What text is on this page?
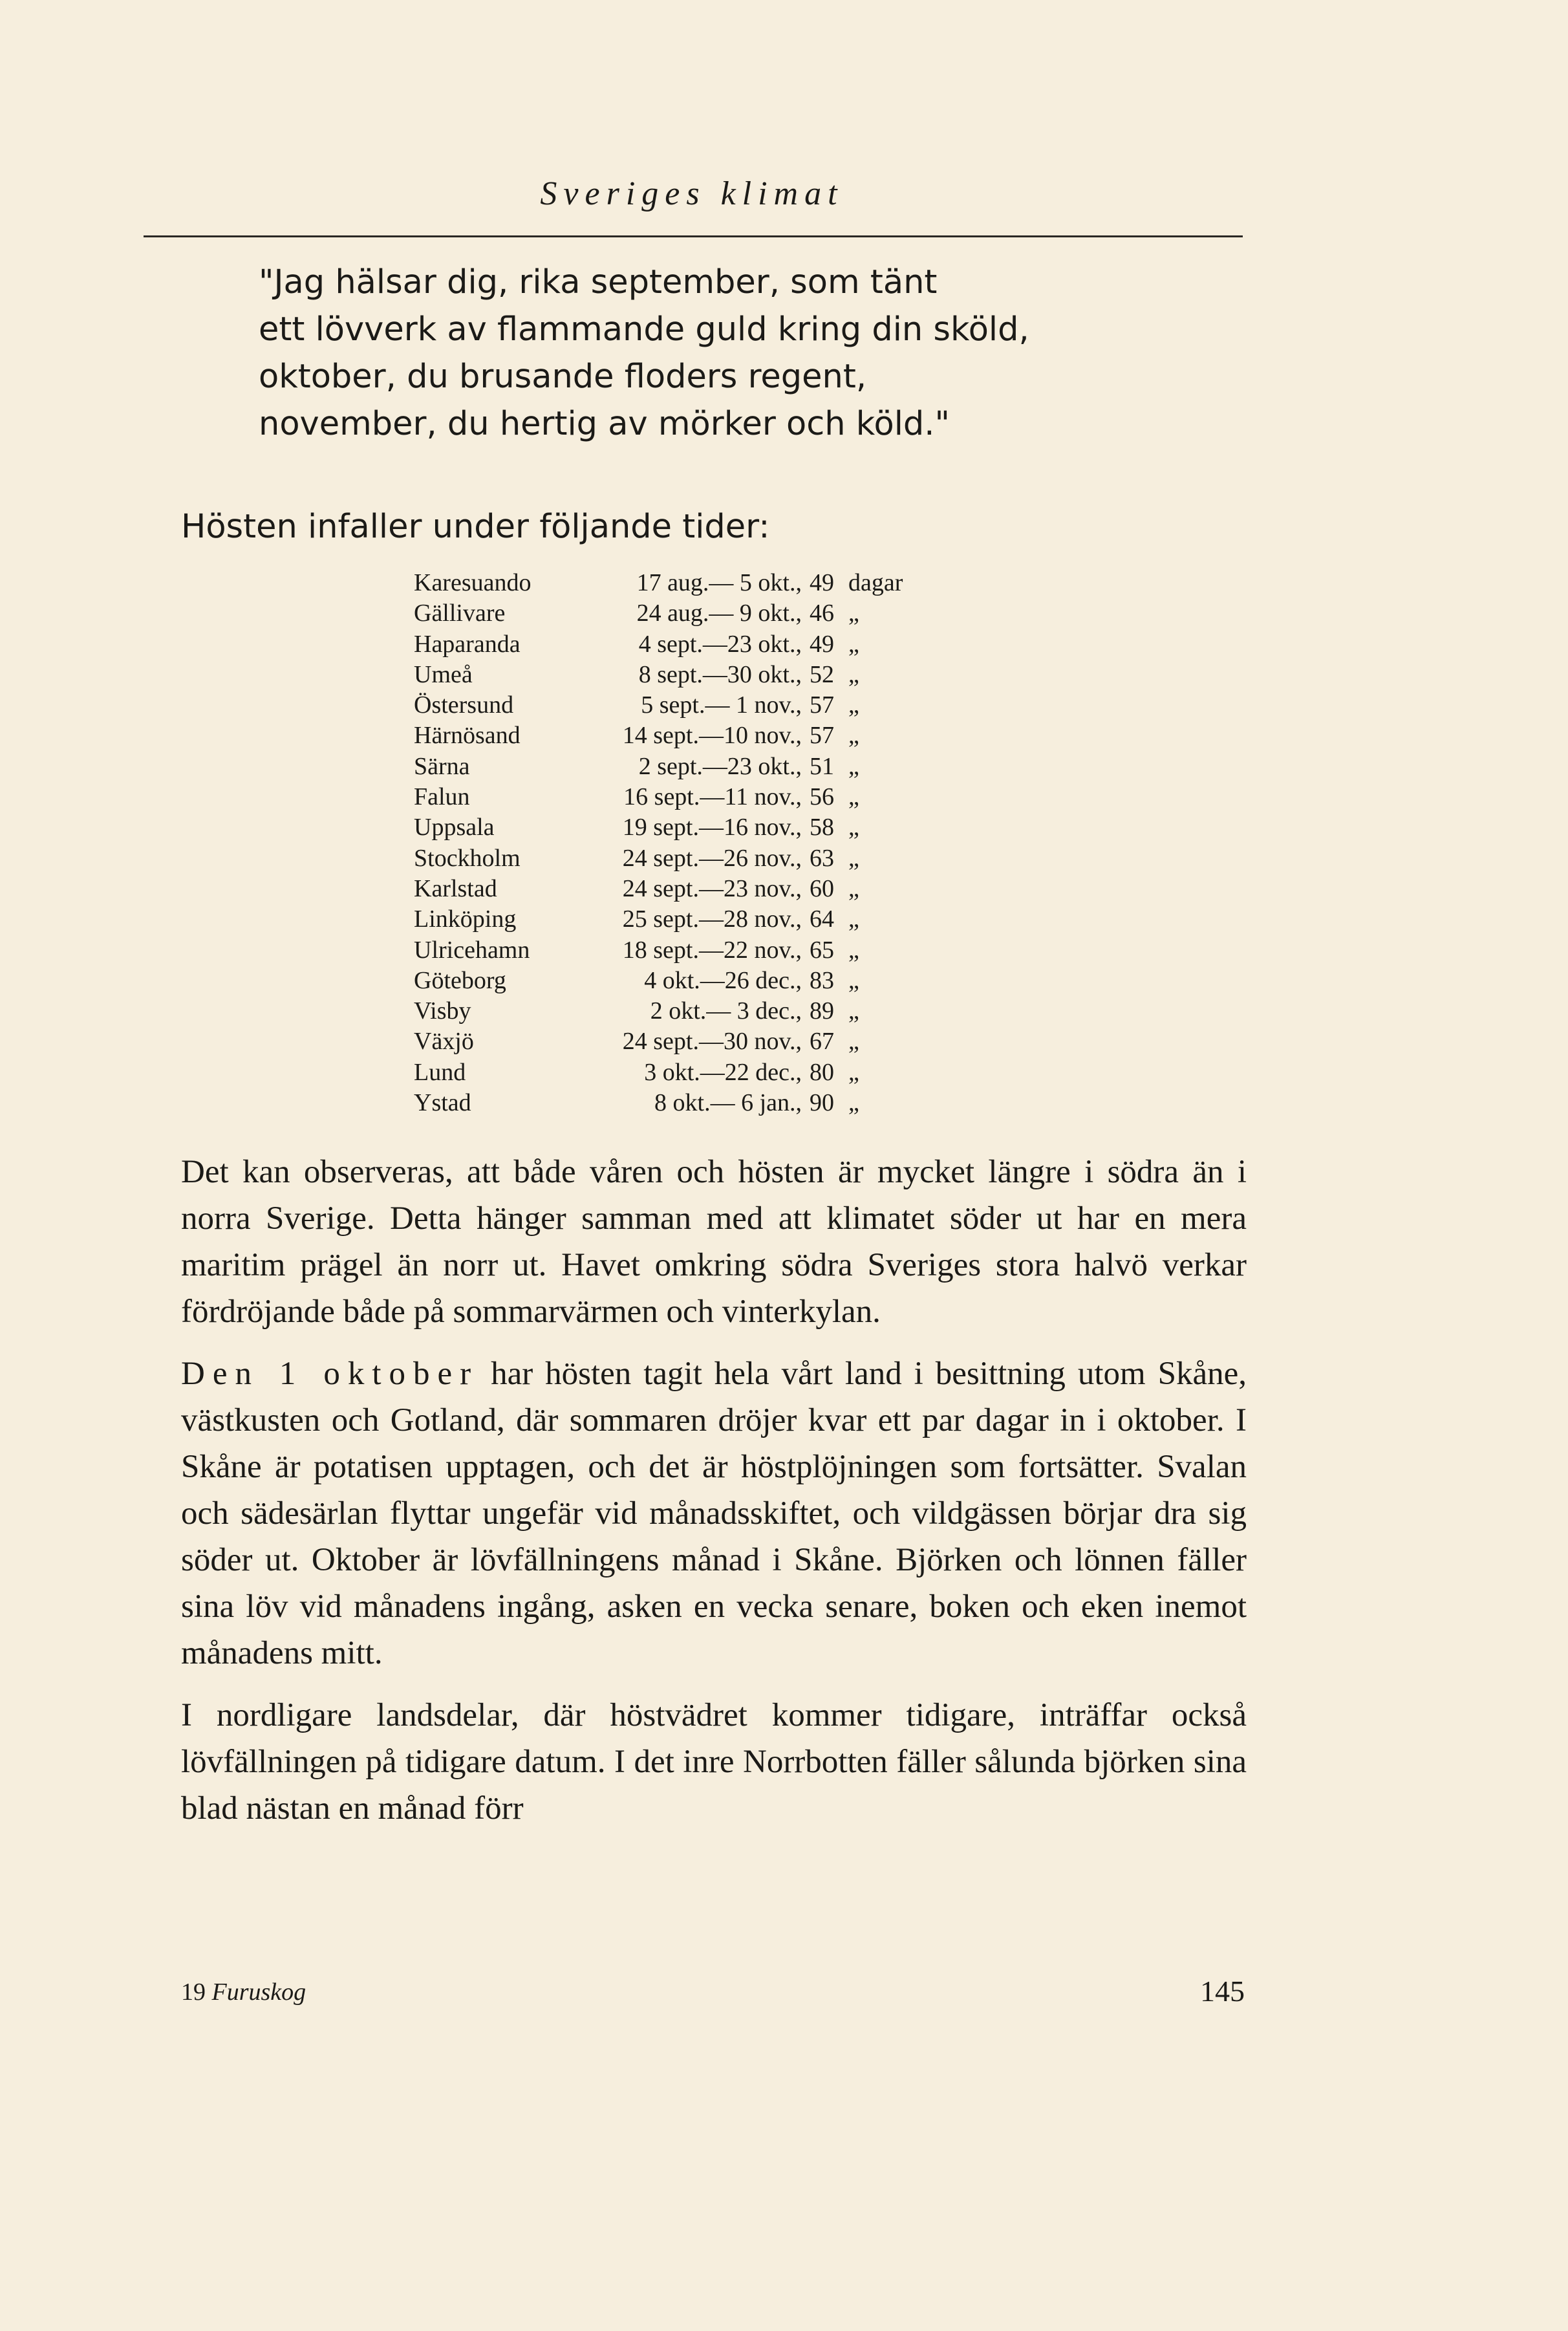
Sveriges klimat
"Jag hälsar dig, rika september, som tänt
ett lövverk av flammande guld kring din sköld,
oktober, du brusande floders regent,
november, du hertig av mörker och köld."
Hösten infaller under följande tider:
Karesuando	17 aug.— 5 okt., 49 dagar
Gällivare	24 aug.— 9 okt., 46 „
Haparanda	4 sept.—23 okt., 49 „
Umeå	8 sept.—30 okt., 52 „
Östersund	5 sept.— 1 nov., 57 „
Härnösand	14 sept.—10 nov., 57 „
Särna	2 sept.—23 okt., 51 „
Falun	16 sept.—11 nov., 56 „
Uppsala	19 sept.—16 nov., 58 „
Stockholm	24 sept.—26 nov., 63 „
Karlstad	24 sept.—23 nov., 60 „
Linköping	25 sept.—28 nov., 64 „
Ulricehamn	18 sept.—22 nov., 65 „
Göteborg	4 okt.—26 dec., 83 „
Visby	2 okt.— 3 dec., 89 „
Växjö	24 sept.—30 nov., 67 „
Lund	3 okt.—22 dec., 80 „
Ystad	8 okt.— 6 jan., 90 „

Det kan observeras, att både våren och hösten är mycket längre i södra än i norra Sverige. Detta hänger samman med att klimatet söder ut har en mera maritim prägel än norr ut. Havet omkring södra Sveriges stora halvö verkar fördröjande både på sommarvärmen och vinterkylan.

Den 1 oktober har hösten tagit hela vårt land i besittning utom Skåne, västkusten och Gotland, där sommaren dröjer kvar ett par dagar in i oktober. I Skåne är potatisen upptagen, och det är höstplöjningen som fortsätter. Svalan och sädesärlan flyttar ungefär vid månadsskiftet, och vildgässen börjar dra sig söder ut. Oktober är lövfällningens månad i Skåne. Björken och lönnen fäller sina löv vid månadens ingång, asken en vecka senare, boken och eken inemot månadens mitt.

I nordligare landsdelar, där höstvädret kommer tidigare, inträffar också lövfällningen på tidigare datum. I det inre Norrbotten fäller sålunda björken sina blad nästan en månad förr

19 Furuskog	145
